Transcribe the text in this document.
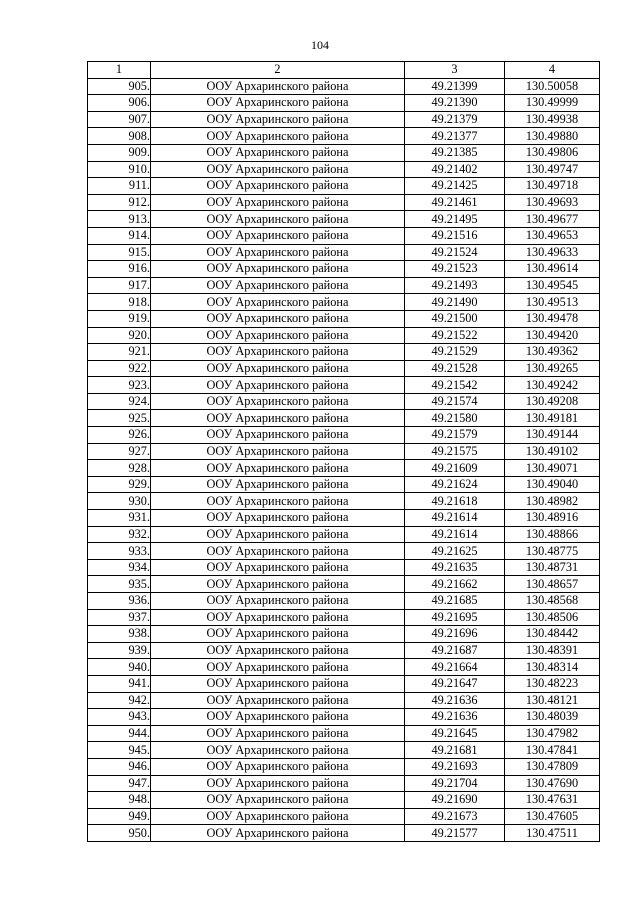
104
1	2	3	4
905.	ООУ Архаринского района	49.21399	130.50058
906.	ООУ Архаринского района	49.21390	130.49999
907.	ООУ Архаринского района	49.21379	130.49938
908.	ООУ Архаринского района	49.21377	130.49880
909.	ООУ Архаринского района	49.21385	130.49806
910.	ООУ Архаринского района	49.21402	130.49747
911.	ООУ Архаринского района	49.21425	130.49718
912.	ООУ Архаринского района	49.21461	130.49693
913.	ООУ Архаринского района	49.21495	130.49677
914.	ООУ Архаринского района	49.21516	130.49653
915.	ООУ Архаринского района	49.21524	130.49633
916.	ООУ Архаринского района	49.21523	130.49614
917.	ООУ Архаринского района	49.21493	130.49545
918.	ООУ Архаринского района	49.21490	130.49513
919.	ООУ Архаринского района	49.21500	130.49478
920.	ООУ Архаринского района	49.21522	130.49420
921.	ООУ Архаринского района	49.21529	130.49362
922.	ООУ Архаринского района	49.21528	130.49265
923.	ООУ Архаринского района	49.21542	130.49242
924.	ООУ Архаринского района	49.21574	130.49208
925.	ООУ Архаринского района	49.21580	130.49181
926.	ООУ Архаринского района	49.21579	130.49144
927.	ООУ Архаринского района	49.21575	130.49102
928.	ООУ Архаринского района	49.21609	130.49071
929.	ООУ Архаринского района	49.21624	130.49040
930.	ООУ Архаринского района	49.21618	130.48982
931.	ООУ Архаринского района	49.21614	130.48916
932.	ООУ Архаринского района	49.21614	130.48866
933.	ООУ Архаринского района	49.21625	130.48775
934.	ООУ Архаринского района	49.21635	130.48731
935.	ООУ Архаринского района	49.21662	130.48657
936.	ООУ Архаринского района	49.21685	130.48568
937.	ООУ Архаринского района	49.21695	130.48506
938.	ООУ Архаринского района	49.21696	130.48442
939.	ООУ Архаринского района	49.21687	130.48391
940.	ООУ Архаринского района	49.21664	130.48314
941.	ООУ Архаринского района	49.21647	130.48223
942.	ООУ Архаринского района	49.21636	130.48121
943.	ООУ Архаринского района	49.21636	130.48039
944.	ООУ Архаринского района	49.21645	130.47982
945.	ООУ Архаринского района	49.21681	130.47841
946.	ООУ Архаринского района	49.21693	130.47809
947.	ООУ Архаринского района	49.21704	130.47690
948.	ООУ Архаринского района	49.21690	130.47631
949.	ООУ Архаринского района	49.21673	130.47605
950.	ООУ Архаринского района	49.21577	130.47511
